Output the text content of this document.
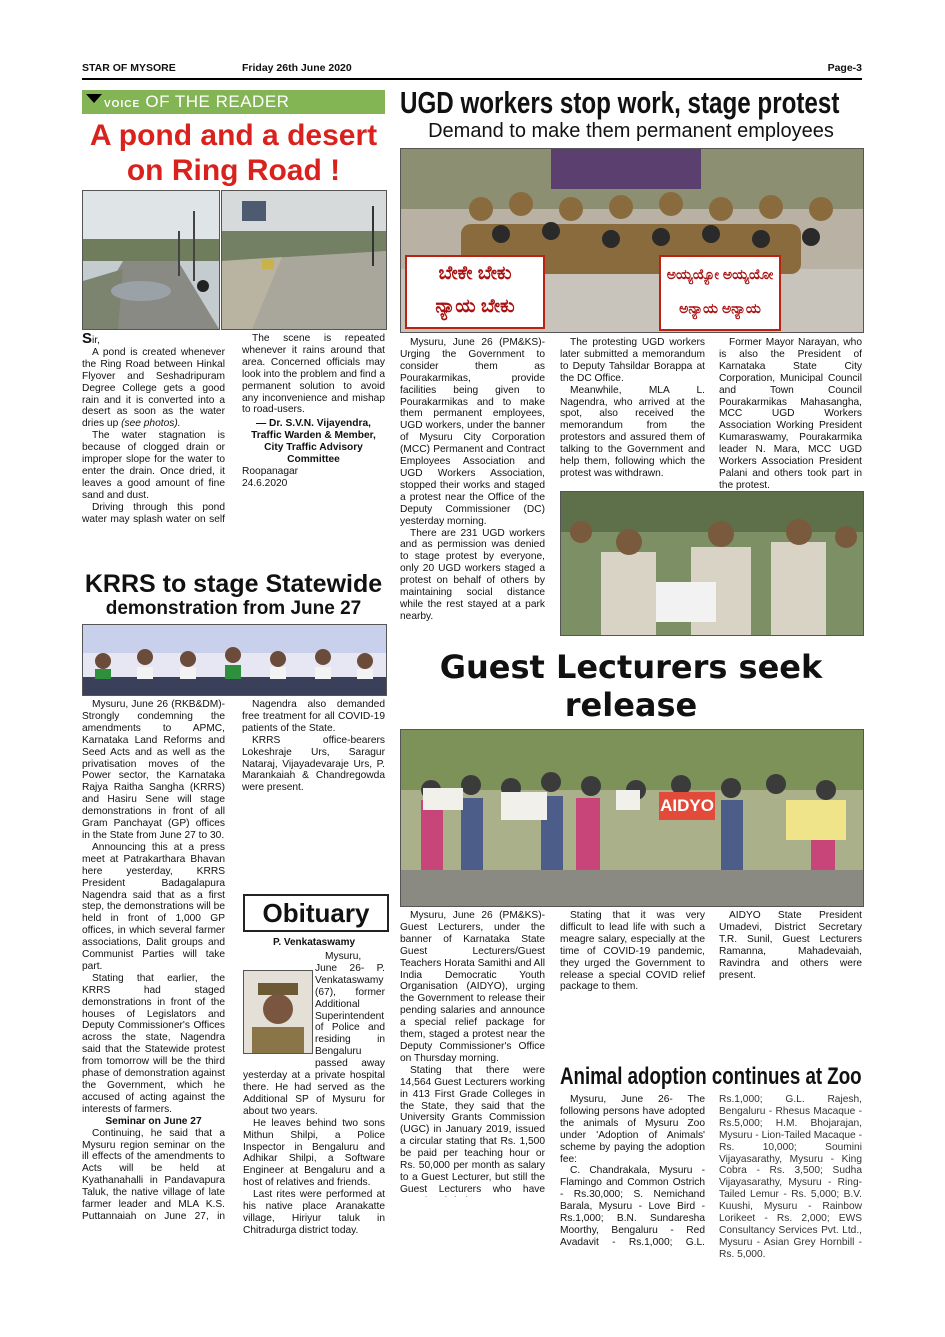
STAR OF MYSORE	Friday 26th June 2020	Page-3
VOICE OF THE READER
A pond and a desert
on Ring Road !

Sir,

A pond is created whenever the Ring Road between Hinkal Flyover and Seshadripuram Degree College gets a good rain and it is converted into a desert as soon as the water dries up (see photos).

The water stagnation is because of clogged drain or improper slope for the water to enter the drain. Once dried, it leaves a good amount of fine sand and dust.

Driving through this pond water may splash water on self

The scene is repeated whenever it rains around that area. Concerned officials may look into the problem and find a permanent solution to avoid any inconvenience and mishap to road-users.

— Dr. S.V.N. Vijayendra,

Traffic Warden & Member, City Traffic Advisory Committee

Roopanagar

24.6.2020

UGD workers stop work, stage protest
Demand to make them permanent employees
ಬೇಕೇ ಬೇಕು
ನ್ಯಾಯ ಬೇಕು
ಅಯ್ಯಯ್ಯೋ ಅಯ್ಯಯೋ
ಅನ್ಯಾಯ ಅನ್ಯಾಯ

Mysuru, June 26 (PM&KS)- Urging the Government to consider them as Pourakarmikas, provide facilities being given to Pourakarmikas and to make them permanent employees, UGD workers, under the banner of Mysuru City Corporation (MCC) Permanent and Contract Employees Association and UGD Workers Association, stopped their works and staged a protest near the Office of the Deputy Commissioner (DC) yesterday morning.

There are 231 UGD workers and as permission was denied to stage protest by everyone, only 20 UGD workers staged a protest on behalf of others by maintaining social distance while the rest stayed at a park nearby.

The protesting UGD workers later submitted a memorandum to Deputy Tahsildar Borappa at the DC Office.

Meanwhile, MLA L. Nagendra, who arrived at the spot, also received the memorandum from the protestors and assured them of talking to the Government and help them, following which the protest was withdrawn.

Former Mayor Narayan, who is also the President of Karnataka State City Corporation, Municipal Council and Town Council Pourakarmikas Mahasangha, MCC UGD Workers Association Working President Kumaraswamy, Pourakarmika leader N. Mara, MCC UGD Workers Association President Palani and others took part in the protest.

KRRS to stage Statewide
demonstration from June 27

Mysuru, June 26 (RKB&DM)- Strongly condemning the amendments to APMC, Karnataka Land Reforms and Seed Acts and as well as the privatisation moves of the Power sector, the Karnataka Rajya Raitha Sangha (KRRS) and Hasiru Sene will stage demonstrations in front of all Gram Panchayat (GP) offices in the State from June 27 to 30.

Announcing this at a press meet at Patrakarthara Bhavan here yesterday, KRRS President Badagalapura Nagendra said that as a first step, the demonstrations will be held in front of 1,000 GP offices, in which several farmer associations, Dalit groups and Communist Parties will take part.

Stating that earlier, the KRRS had staged demonstrations in front of the houses of Legislators and Deputy Commissioner's Offices across the state, Nagendra said that the Statewide protest from tomorrow will be the third phase of demonstration against the Government, which he accused of acting against the interests of farmers.

Seminar on June 27

Continuing, he said that a Mysuru region seminar on the ill effects of the amendments to Acts will be held at Kyathanahalli in Pandavapura Taluk, the native village of late farmer leader and MLA K.S. Puttannaiah on June 27, in

Nagendra also demanded free treatment for all COVID-19 patients of the State.

KRRS office-bearers Lokeshraje Urs, Saragur Nataraj, Vijayadevaraje Urs, P. Marankaiah & Chandregowda were present.

Obituary
P. Venkataswamy

Mysuru, June 26- P. Venkataswamy (67), former Additional Superintendent of Police and residing in Bengaluru passed away yesterday at a private hospital there. He had served as the Additional SP of Mysuru for about two years.

He leaves behind two sons Mithun Shilpi, a Police Inspector in Bengaluru and Adhikar Shilpi, a Software Engineer at Bengaluru and a host of relatives and friends.

Last rites were performed at his native place Aranakatte village, Hiriyur taluk in Chitradurga district today.

Guest Lecturers seek release
AIDYO

Mysuru, June 26 (PM&KS)- Guest Lecturers, under the banner of Karnataka State Guest Lecturers/Guest Teachers Horata Samithi and All India Democratic Youth Organisation (AIDYO), urging the Government to release their pending salaries and announce a special relief package for them, staged a protest near the Deputy Commissioner's Office on Thursday morning.

Stating that there were 14,564 Guest Lecturers working in 413 First Grade Colleges in the State, they said that the University Grants Commission (UGC) in January 2019, issued a circular stating that Rs. 1,500 be paid per teaching hour or Rs. 50,000 per month as salary to a Guest Lecturer, but still the Guest Lecturers who have

Stating that it was very difficult to lead life with such a meagre salary, especially at the time of COVID-19 pandemic, they urged the Government to release a special COVID relief package to them.

AIDYO State President Umadevi, District Secretary T.R. Sunil, Guest Lecturers Ramanna, Mahadevaiah, Ravindra and others were present.

Animal adoption continues at Zoo

Mysuru, June 26- The following persons have adopted the animals of Mysuru Zoo under 'Adoption of Animals' scheme by paying the adoption fee:

C. Chandrakala, Mysuru - Flamingo and Common Ostrich - Rs.30,000; S. Nemichand Barala, Mysuru - Love Bird - Rs.1,000; B.N. Sundaresha Moorthy, Bengaluru - Red Avadavit - Rs.1,000; G.L.

Rs.1,000; G.L. Rajesh, Bengaluru - Rhesus Macaque - Rs.5,000; H.M. Bhojarajan, Mysuru - Lion-Tailed Macaque - Rs. 10,000; Soumini Vijayasarathy, Mysuru - King Cobra - Rs. 3,500; Sudha Vijayasarathy, Mysuru - Ring-Tailed Lemur - Rs. 5,000; B.V. Kuushi, Mysuru - Rainbow Lorikeet - Rs. 2,000; EWS Consultancy Services Pvt. Ltd., Mysuru - Asian Grey Hornbill - Rs. 5,000.
